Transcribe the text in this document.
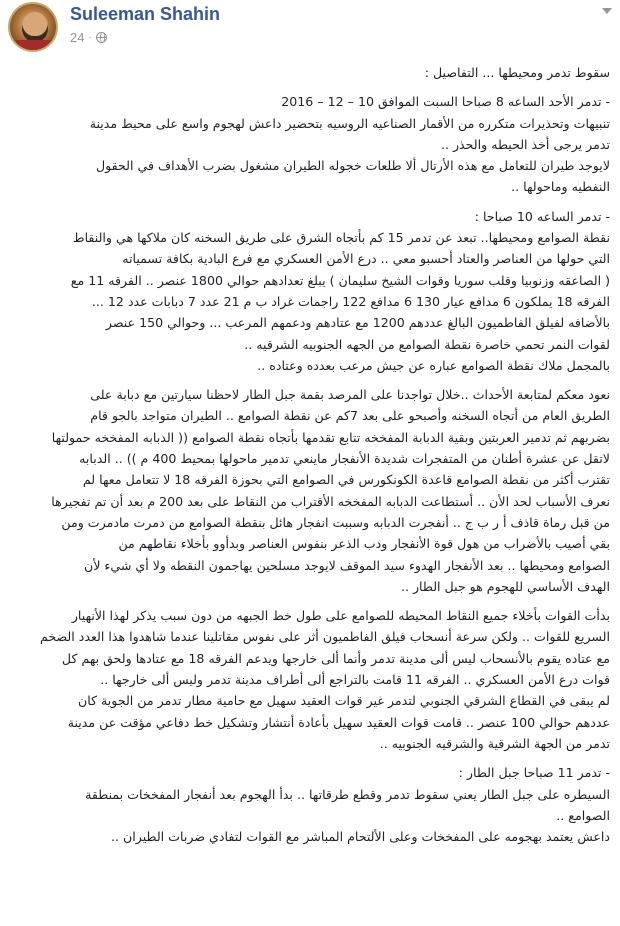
Suleeman Shahin
24 ·

سقوط تدمر ومحيطها ... التفاصيل :

- تدمر الأحد الساعه 8 صباحا السبت الموافق 10 – 12 – 2016

تنبيهات وتحذيرات متكرره من الأقمار الصناعيه الروسيه بتحضير داعش لهجوم واسع على محيط مدينة

تدمر يرجى أخذ الحيطه والحذر ..

لايوجد طيران للتعامل مع هذه الأرتال ألا طلعات خجوله الطيران مشغول بضرب الأهداف في الحقول

النفطيه وماحولها ..

- تدمر الساعه 10 صباحا :

نقطة الصوامع ومحيطها.. تبعد عن تدمر 15 كم بأتجاه الشرق على طريق السخنه كان ملاكها هي والنقاط

التي حولها من العناصر والعتاد أحسبو معي .. درع الأمن العسكري مع فرع البادية بكافة تسمياته

( الصاعقه وزنوبيا وقلب سوريا وقوات الشيخ سليمان ) يبلغ تعدادهم حوالي 1800 عنصر .. الفرقه 11 مع

الفرقه 18 يملكون 6 مدافع عيار 130 6 مدافع 122 راجمات غراد ب م 21 عدد 7 دبابات عدد 12 ...

بالأضافه لفيلق الفاطميون البالغ عددهم 1200 مع عتادهم ودعمهم المرعب ... وحوالي 150 عنصر

لقوات النمر تحمي خاصرة نقطة الصوامع من الجهه الجنوبيه الشرقيه ..

بالمجمل ملاك نقطة الصوامع عباره عن جيش مرعب بعدده وعتاده ..

نعود معكم لمتابعة الأحداث ..خلال تواجدنا على المرصد بقمة جبل الطار لاحظنا سيارتين مع دبابة على

الطريق العام من أتجاه السخنه وأصبحو على بعد 7كم عن نقطة الصوامع .. الطيران متواجد بالجو قام

بضربهم ثم تدمير العربتين وبقية الدبابة المفخخه تتابع تقدمها بأتجاه نقطة الصوامع (( الدبابه المفخخه حمولتها

لاتقل عن عشرة أطنان من المتفجرات شديدة الأنفجار ماينعي تدمير ماحولها بمحيط 400 م )) .. الدبابه

تقترب أكثر من نقطة الصوامع قاعدة الكونكورس في الصوامع التي بحوزة الفرقه 18 لا تتعامل معها لم

نعرف الأسباب لحد الأن .. أستطاعت الدبابه المفخخه الأقتراب من النقاط على بعد 200 م بعد أن تم تفجيرها

من قبل رماة قاذف أ ر ب ج .. أنفجرت الدبابه وسببت انفجار هائل بنقطة الصوامع من دمرت مادمرت ومن

بقي أصيب بالأضراب من هول قوة الأنفجار ودب الذعر بنفوس العناصر وبدأوو بأخلاء نقاطهم من

الصوامع ومحيطها .. بعد الأنفجار الهدوء سيد الموقف لايوجد مسلحين يهاجمون النقطه ولا أي شيء لأن

الهدف الأساسي للهجوم هو جبل الطار ..

بدأت القوات بأخلاء جميع النقاط المحيطه للصوامع على طول خط الجبهه من دون سبب يذكر لهذا الأنهيار

السريع للقوات .. ولكن سرعة أنسحاب فيلق الفاطميون أثر على نفوس مقاتلينا عندما شاهدوا هذا العدد الضخم

مع عتاده يقوم بالأنسحاب ليس ألى مدينة تدمر وأنما ألى خارجها ويدعم الفرقه 18 مع عتادها ولحق بهم كل

قوات درع الأمن العسكري .. الفرقه 11 قامت بالتراجع ألى أطراف مدينة تدمر وليس ألى خارجها ..

لم يبقى في القطاع الشرقي الجنوبي لتدمر غير قوات العقيد سهيل مع حامية مطار تدمر من الجوية كان

عددهم حوالي 100 عنصر .. قامت قوات العقيد سهيل بأعادة أنتشار وتشكيل خط دفاعي مؤقت عن مدينة

تدمر من الجهة الشرقية والشرقيه الجنوبيه ..

- تدمر 11 صباحا جبل الطار :

السيطره على جبل الطار يعني سقوط تدمر وقطع طرقاتها .. بدأ الهجوم بعد أنفجار المفخخات بمنطقة

الصوامع ..

داعش يعتمد بهجومه على المفخخات وعلى الألتحام المباشر مع القوات لتفادي ضربات الطيران ..
